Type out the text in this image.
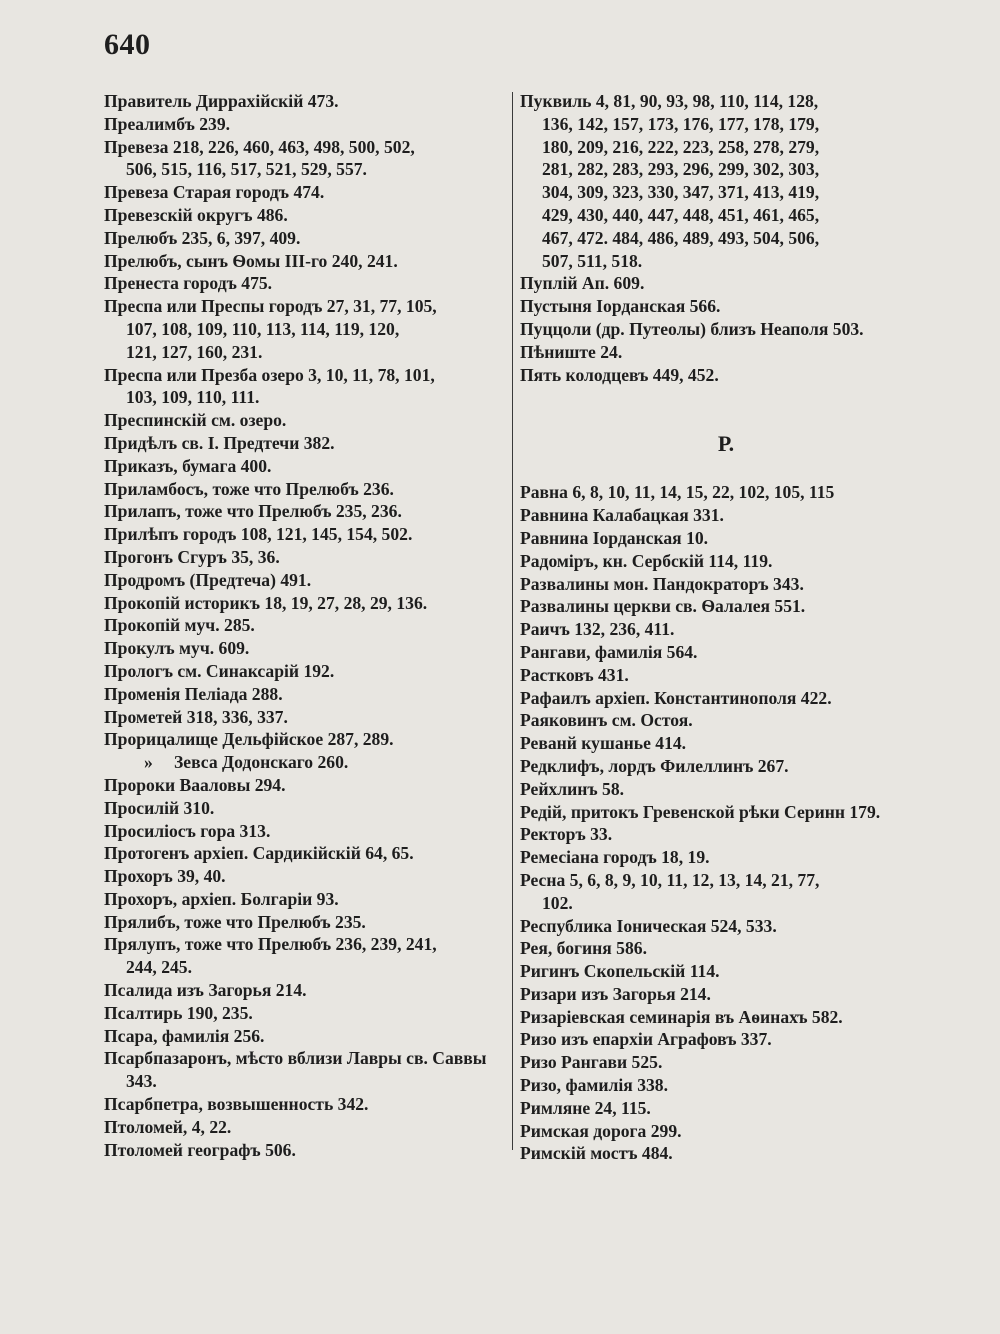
640
Правитель Диррахійскій 473.
Преалимбъ 239.
Превеза 218, 226, 460, 463, 498, 500, 502,
506, 515, 116, 517, 521, 529, 557.
Превеза Старая городъ 474.
Превезскій округъ 486.
Прелюбъ 235, 6, 397, 409.
Прелюбъ, сынъ Ѳомы III-го 240, 241.
Пренеста городъ 475.
Преспа или Преспы городъ 27, 31, 77, 105,
107, 108, 109, 110, 113, 114, 119, 120,
121, 127, 160, 231.
Преспа или Презба озеро 3, 10, 11, 78, 101,
103, 109, 110, 111.
Преспинскій см. озеро.
Придѣлъ св. І. Предтечи 382.
Приказъ, бумага 400.
Приламбосъ, тоже что Прелюбъ 236.
Прилапъ, тоже что Прелюбъ 235, 236.
Прилѣпъ городъ 108, 121, 145, 154, 502.
Прогонъ Сгуръ 35, 36.
Продромъ (Предтеча) 491.
Прокопій историкъ 18, 19, 27, 28, 29, 136.
Прокопій муч. 285.
Прокулъ муч. 609.
Прологъ см. Синаксарій 192.
Променія Пеліада 288.
Прометей 318, 336, 337.
Прорицалище Дельфійское 287, 289.
» Зевса Додонскаго 260.
Пророки Ваaловы 294.
Просилій 310.
Просиліосъ гора 313.
Протогенъ архіеп. Сардикійскій 64, 65.
Прохоръ 39, 40.
Прохоръ, архіеп. Болгаріи 93.
Прялибъ, тоже что Прелюбъ 235.
Прялупъ, тоже что Прелюбъ 236, 239, 241,
244, 245.
Псалида изъ Загорья 214.
Псалтирь 190, 235.
Псара, фамилія 256.
Псарбпазаронъ, мѣсто вблизи Лавры св. Саввы
343.
Псарбпетра, возвышенность 342.
Птоломей, 4, 22.
Птоломей географъ 506.
Пуквиль 4, 81, 90, 93, 98, 110, 114, 128,
136, 142, 157, 173, 176, 177, 178, 179,
180, 209, 216, 222, 223, 258, 278, 279,
281, 282, 283, 293, 296, 299, 302, 303,
304, 309, 323, 330, 347, 371, 413, 419,
429, 430, 440, 447, 448, 451, 461, 465,
467, 472. 484, 486, 489, 493, 504, 506,
507, 511, 518.
Пуплій Ап. 609.
Пустыня Іорданская 566.
Пуццоли (др. Путеолы) близъ Неаполя 503.
Пѣниште 24.
Пять колодцевъ 449, 452.
Р.
Равна 6, 8, 10, 11, 14, 15, 22, 102, 105, 115
Равнина Калабацкая 331.
Равнина Іорданская 10.
Радоміръ, кн. Сербскій 114, 119.
Развалины мон. Пандократоръ 343.
Развалины церкви св. Ѳалалея 551.
Раичъ 132, 236, 411.
Рангави, фамилія 564.
Растковъ 431.
Рафаилъ архіеп. Константинополя 422.
Раяковинъ см. Остоя.
Реванй кушанье 414.
Редклифъ, лордъ Филеллинъ 267.
Рейхлинъ 58.
Редій, притокъ Гревенской рѣки Серинн 179.
Ректоръ 33.
Ремесіана городъ 18, 19.
Ресна 5, 6, 8, 9, 10, 11, 12, 13, 14, 21, 77,
102.
Республика Іоническая 524, 533.
Рея, богиня 586.
Ригинъ Скопельскій 114.
Ризари изъ Загорья 214.
Ризаріевская семинарія въ Аѳинахъ 582.
Ризо изъ епархіи Аграфовъ 337.
Ризо Рангави 525.
Ризо, фамилія 338.
Римляне 24, 115.
Римская дорога 299.
Римскій мостъ 484.
